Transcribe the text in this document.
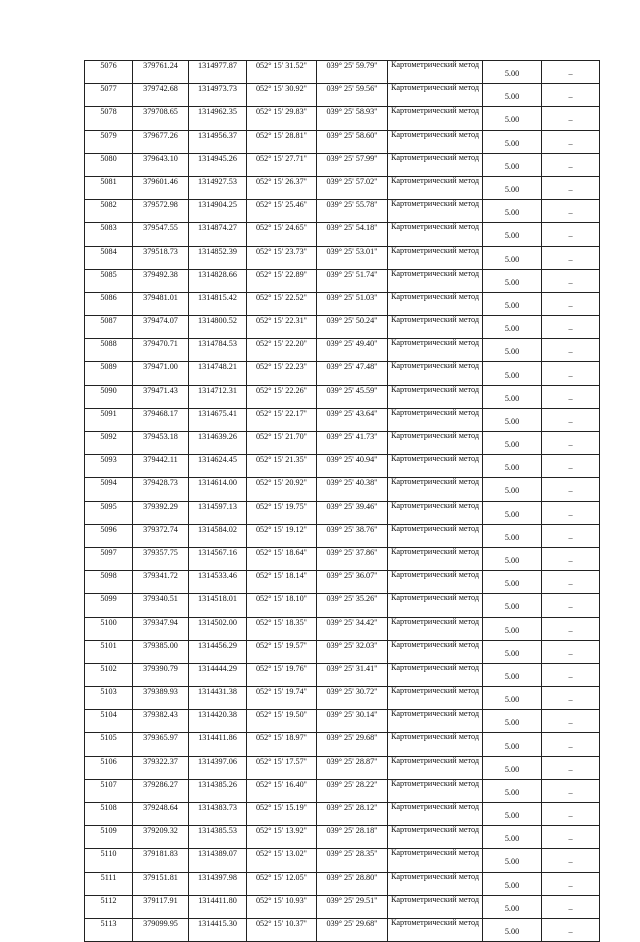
5076	379761.24	1314977.87	052° 15' 31.52"	039° 25' 59.79"	Картометрический метод	5.00	–
5077	379742.68	1314973.73	052° 15' 30.92"	039° 25' 59.56"	Картометрический метод	5.00	–
5078	379708.65	1314962.35	052° 15' 29.83"	039° 25' 58.93"	Картометрический метод	5.00	–
5079	379677.26	1314956.37	052° 15' 28.81"	039° 25' 58.60"	Картометрический метод	5.00	–
5080	379643.10	1314945.26	052° 15' 27.71"	039° 25' 57.99"	Картометрический метод	5.00	–
5081	379601.46	1314927.53	052° 15' 26.37"	039° 25' 57.02"	Картометрический метод	5.00	–
5082	379572.98	1314904.25	052° 15' 25.46"	039° 25' 55.78"	Картометрический метод	5.00	–
5083	379547.55	1314874.27	052° 15' 24.65"	039° 25' 54.18"	Картометрический метод	5.00	–
5084	379518.73	1314852.39	052° 15' 23.73"	039° 25' 53.01"	Картометрический метод	5.00	–
5085	379492.38	1314828.66	052° 15' 22.89"	039° 25' 51.74"	Картометрический метод	5.00	–
5086	379481.01	1314815.42	052° 15' 22.52"	039° 25' 51.03"	Картометрический метод	5.00	–
5087	379474.07	1314800.52	052° 15' 22.31"	039° 25' 50.24"	Картометрический метод	5.00	–
5088	379470.71	1314784.53	052° 15' 22.20"	039° 25' 49.40"	Картометрический метод	5.00	–
5089	379471.00	1314748.21	052° 15' 22.23"	039° 25' 47.48"	Картометрический метод	5.00	–
5090	379471.43	1314712.31	052° 15' 22.26"	039° 25' 45.59"	Картометрический метод	5.00	–
5091	379468.17	1314675.41	052° 15' 22.17"	039° 25' 43.64"	Картометрический метод	5.00	–
5092	379453.18	1314639.26	052° 15' 21.70"	039° 25' 41.73"	Картометрический метод	5.00	–
5093	379442.11	1314624.45	052° 15' 21.35"	039° 25' 40.94"	Картометрический метод	5.00	–
5094	379428.73	1314614.00	052° 15' 20.92"	039° 25' 40.38"	Картометрический метод	5.00	–
5095	379392.29	1314597.13	052° 15' 19.75"	039° 25' 39.46"	Картометрический метод	5.00	–
5096	379372.74	1314584.02	052° 15' 19.12"	039° 25' 38.76"	Картометрический метод	5.00	–
5097	379357.75	1314567.16	052° 15' 18.64"	039° 25' 37.86"	Картометрический метод	5.00	–
5098	379341.72	1314533.46	052° 15' 18.14"	039° 25' 36.07"	Картометрический метод	5.00	–
5099	379340.51	1314518.01	052° 15' 18.10"	039° 25' 35.26"	Картометрический метод	5.00	–
5100	379347.94	1314502.00	052° 15' 18.35"	039° 25' 34.42"	Картометрический метод	5.00	–
5101	379385.00	1314456.29	052° 15' 19.57"	039° 25' 32.03"	Картометрический метод	5.00	–
5102	379390.79	1314444.29	052° 15' 19.76"	039° 25' 31.41"	Картометрический метод	5.00	–
5103	379389.93	1314431.38	052° 15' 19.74"	039° 25' 30.72"	Картометрический метод	5.00	–
5104	379382.43	1314420.38	052° 15' 19.50"	039° 25' 30.14"	Картометрический метод	5.00	–
5105	379365.97	1314411.86	052° 15' 18.97"	039° 25' 29.68"	Картометрический метод	5.00	–
5106	379322.37	1314397.06	052° 15' 17.57"	039° 25' 28.87"	Картометрический метод	5.00	–
5107	379286.27	1314385.26	052° 15' 16.40"	039° 25' 28.22"	Картометрический метод	5.00	–
5108	379248.64	1314383.73	052° 15' 15.19"	039° 25' 28.12"	Картометрический метод	5.00	–
5109	379209.32	1314385.53	052° 15' 13.92"	039° 25' 28.18"	Картометрический метод	5.00	–
5110	379181.83	1314389.07	052° 15' 13.02"	039° 25' 28.35"	Картометрический метод	5.00	–
5111	379151.81	1314397.98	052° 15' 12.05"	039° 25' 28.80"	Картометрический метод	5.00	–
5112	379117.91	1314411.80	052° 15' 10.93"	039° 25' 29.51"	Картометрический метод	5.00	–
5113	379099.95	1314415.30	052° 15' 10.37"	039° 25' 29.68"	Картометрический метод	5.00	–
